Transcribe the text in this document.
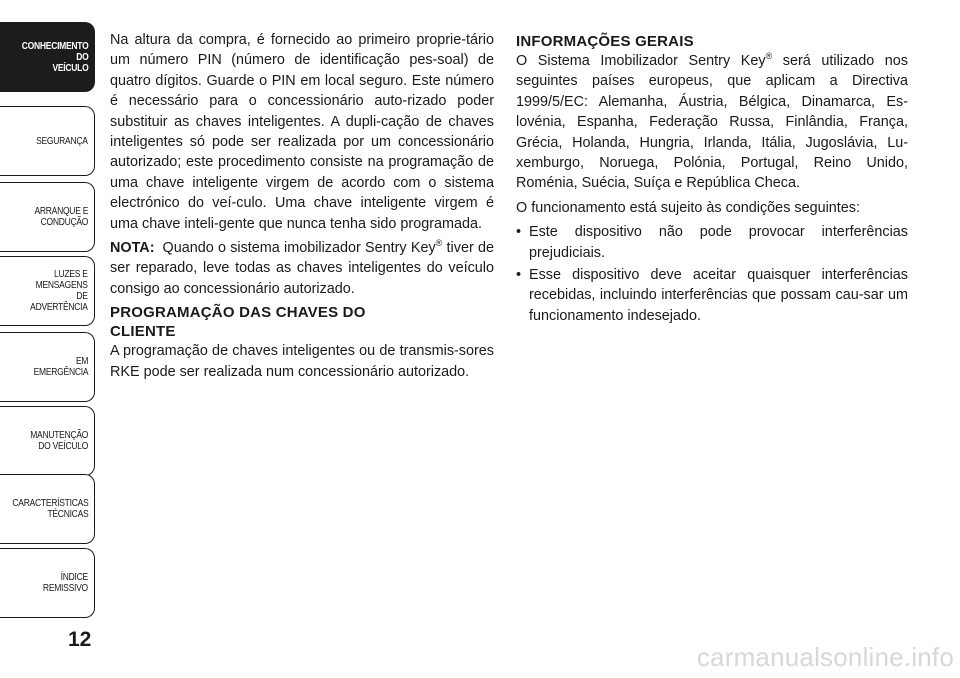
CONHECIMENTO
DO
VEÍCULO
SEGURANÇA
ARRANQUE E
CONDUÇÃO
LUZES E
MENSAGENS
DE
ADVERTÊNCIA
EM
EMERGÊNCIA
MANUTENÇÃO
DO VEÍCULO
CARACTERÍSTICAS
TÉCNICAS
ÍNDICE
REMISSIVO
12

Na altura da compra, é fornecido ao primeiro proprie-tário um número PIN (número de identificação pes-soal) de quatro dígitos. Guarde o PIN em local seguro. Este número é necessário para o concessionário auto-rizado poder substituir as chaves inteligentes. A dupli-cação de chaves inteligentes só pode ser realizada por um concessionário autorizado; este procedimento consiste na programação de uma chave inteligente virgem de acordo com o sistema electrónico do veí-culo. Uma chave inteligente virgem é uma chave inteli-gente que nunca tenha sido programada.

NOTA: Quando o sistema imobilizador Sentry Key® tiver de ser reparado, leve todas as chaves inteligentes do veículo consigo ao concessionário autorizado.

PROGRAMAÇÃO DAS CHAVES DO CLIENTE

A programação de chaves inteligentes ou de transmis-sores RKE pode ser realizada num concessionário autorizado.

INFORMAÇÕES GERAIS

O Sistema Imobilizador Sentry Key® será utilizado nos seguintes países europeus, que aplicam a Directiva 1999/5/EC: Alemanha, Áustria, Bélgica, Dinamarca, Es-lovénia, Espanha, Federação Russa, Finlândia, França, Grécia, Holanda, Hungria, Irlanda, Itália, Jugoslávia, Lu-xemburgo, Noruega, Polónia, Portugal, Reino Unido, Roménia, Suécia, Suíça e República Checa.

O funcionamento está sujeito às condições seguintes:

• Este dispositivo não pode provocar interferências prejudiciais.
• Esse dispositivo deve aceitar quaisquer interferências recebidas, incluindo interferências que possam cau-sar um funcionamento indesejado.
carmanualsonline.info
